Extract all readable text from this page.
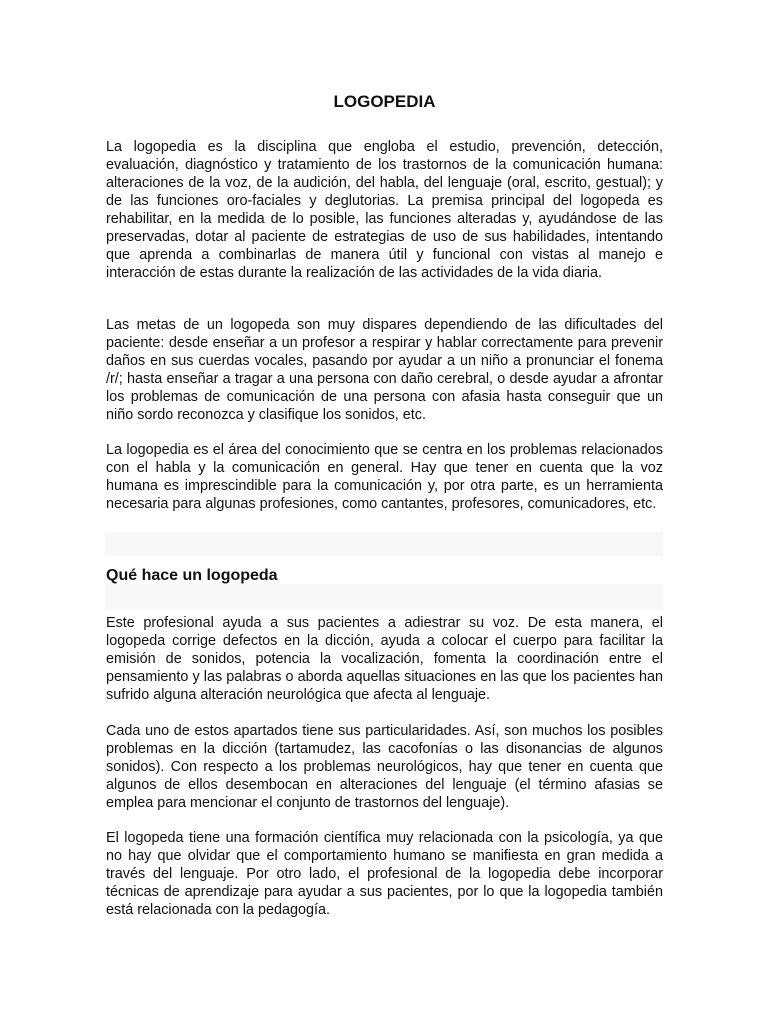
LOGOPEDIA

La logopedia es la disciplina que engloba el estudio, prevención, detección, evaluación, diagnóstico y tratamiento de los trastornos de la comunicación humana: alteraciones de la voz, de la audición, del habla, del lenguaje (oral, escrito, gestual); y de las funciones oro-faciales y deglutorias. La premisa principal del logopeda es rehabilitar, en la medida de lo posible, las funciones alteradas y, ayudándose de las preservadas, dotar al paciente de estrategias de uso de sus habilidades, intentando que aprenda a combinarlas de manera útil y funcional con vistas al manejo e interacción de estas durante la realización de las actividades de la vida diaria.

Las metas de un logopeda son muy dispares dependiendo de las dificultades del paciente: desde enseñar a un profesor a respirar y hablar correctamente para prevenir daños en sus cuerdas vocales, pasando por ayudar a un niño a pronunciar el fonema /r/; hasta enseñar a tragar a una persona con daño cerebral, o desde ayudar a afrontar los problemas de comunicación de una persona con afasia hasta conseguir que un niño sordo reconozca y clasifique los sonidos, etc.

La logopedia es el área del conocimiento que se centra en los problemas relacionados con el habla y la comunicación en general. Hay que tener en cuenta que la voz humana es imprescindible para la comunicación y, por otra parte, es un herramienta necesaria para algunas profesiones, como cantantes, profesores, comunicadores, etc.

Qué hace un logopeda

Este profesional ayuda a sus pacientes a adiestrar su voz. De esta manera, el logopeda corrige defectos en la dicción, ayuda a colocar el cuerpo para facilitar la emisión de sonidos, potencia la vocalización, fomenta la coordinación entre el pensamiento y las palabras o aborda aquellas situaciones en las que los pacientes han sufrido alguna alteración neurológica que afecta al lenguaje.

Cada uno de estos apartados tiene sus particularidades. Así, son muchos los posibles problemas en la dicción (tartamudez, las cacofonías o las disonancias de algunos sonidos). Con respecto a los problemas neurológicos, hay que tener en cuenta que algunos de ellos desembocan en alteraciones del lenguaje (el término afasias se emplea para mencionar el conjunto de trastornos del lenguaje).

El logopeda tiene una formación científica muy relacionada con la psicología, ya que no hay que olvidar que el comportamiento humano se manifiesta en gran medida a través del lenguaje. Por otro lado, el profesional de la logopedia debe incorporar técnicas de aprendizaje para ayudar a sus pacientes, por lo que la logopedia también está relacionada con la pedagogía.
